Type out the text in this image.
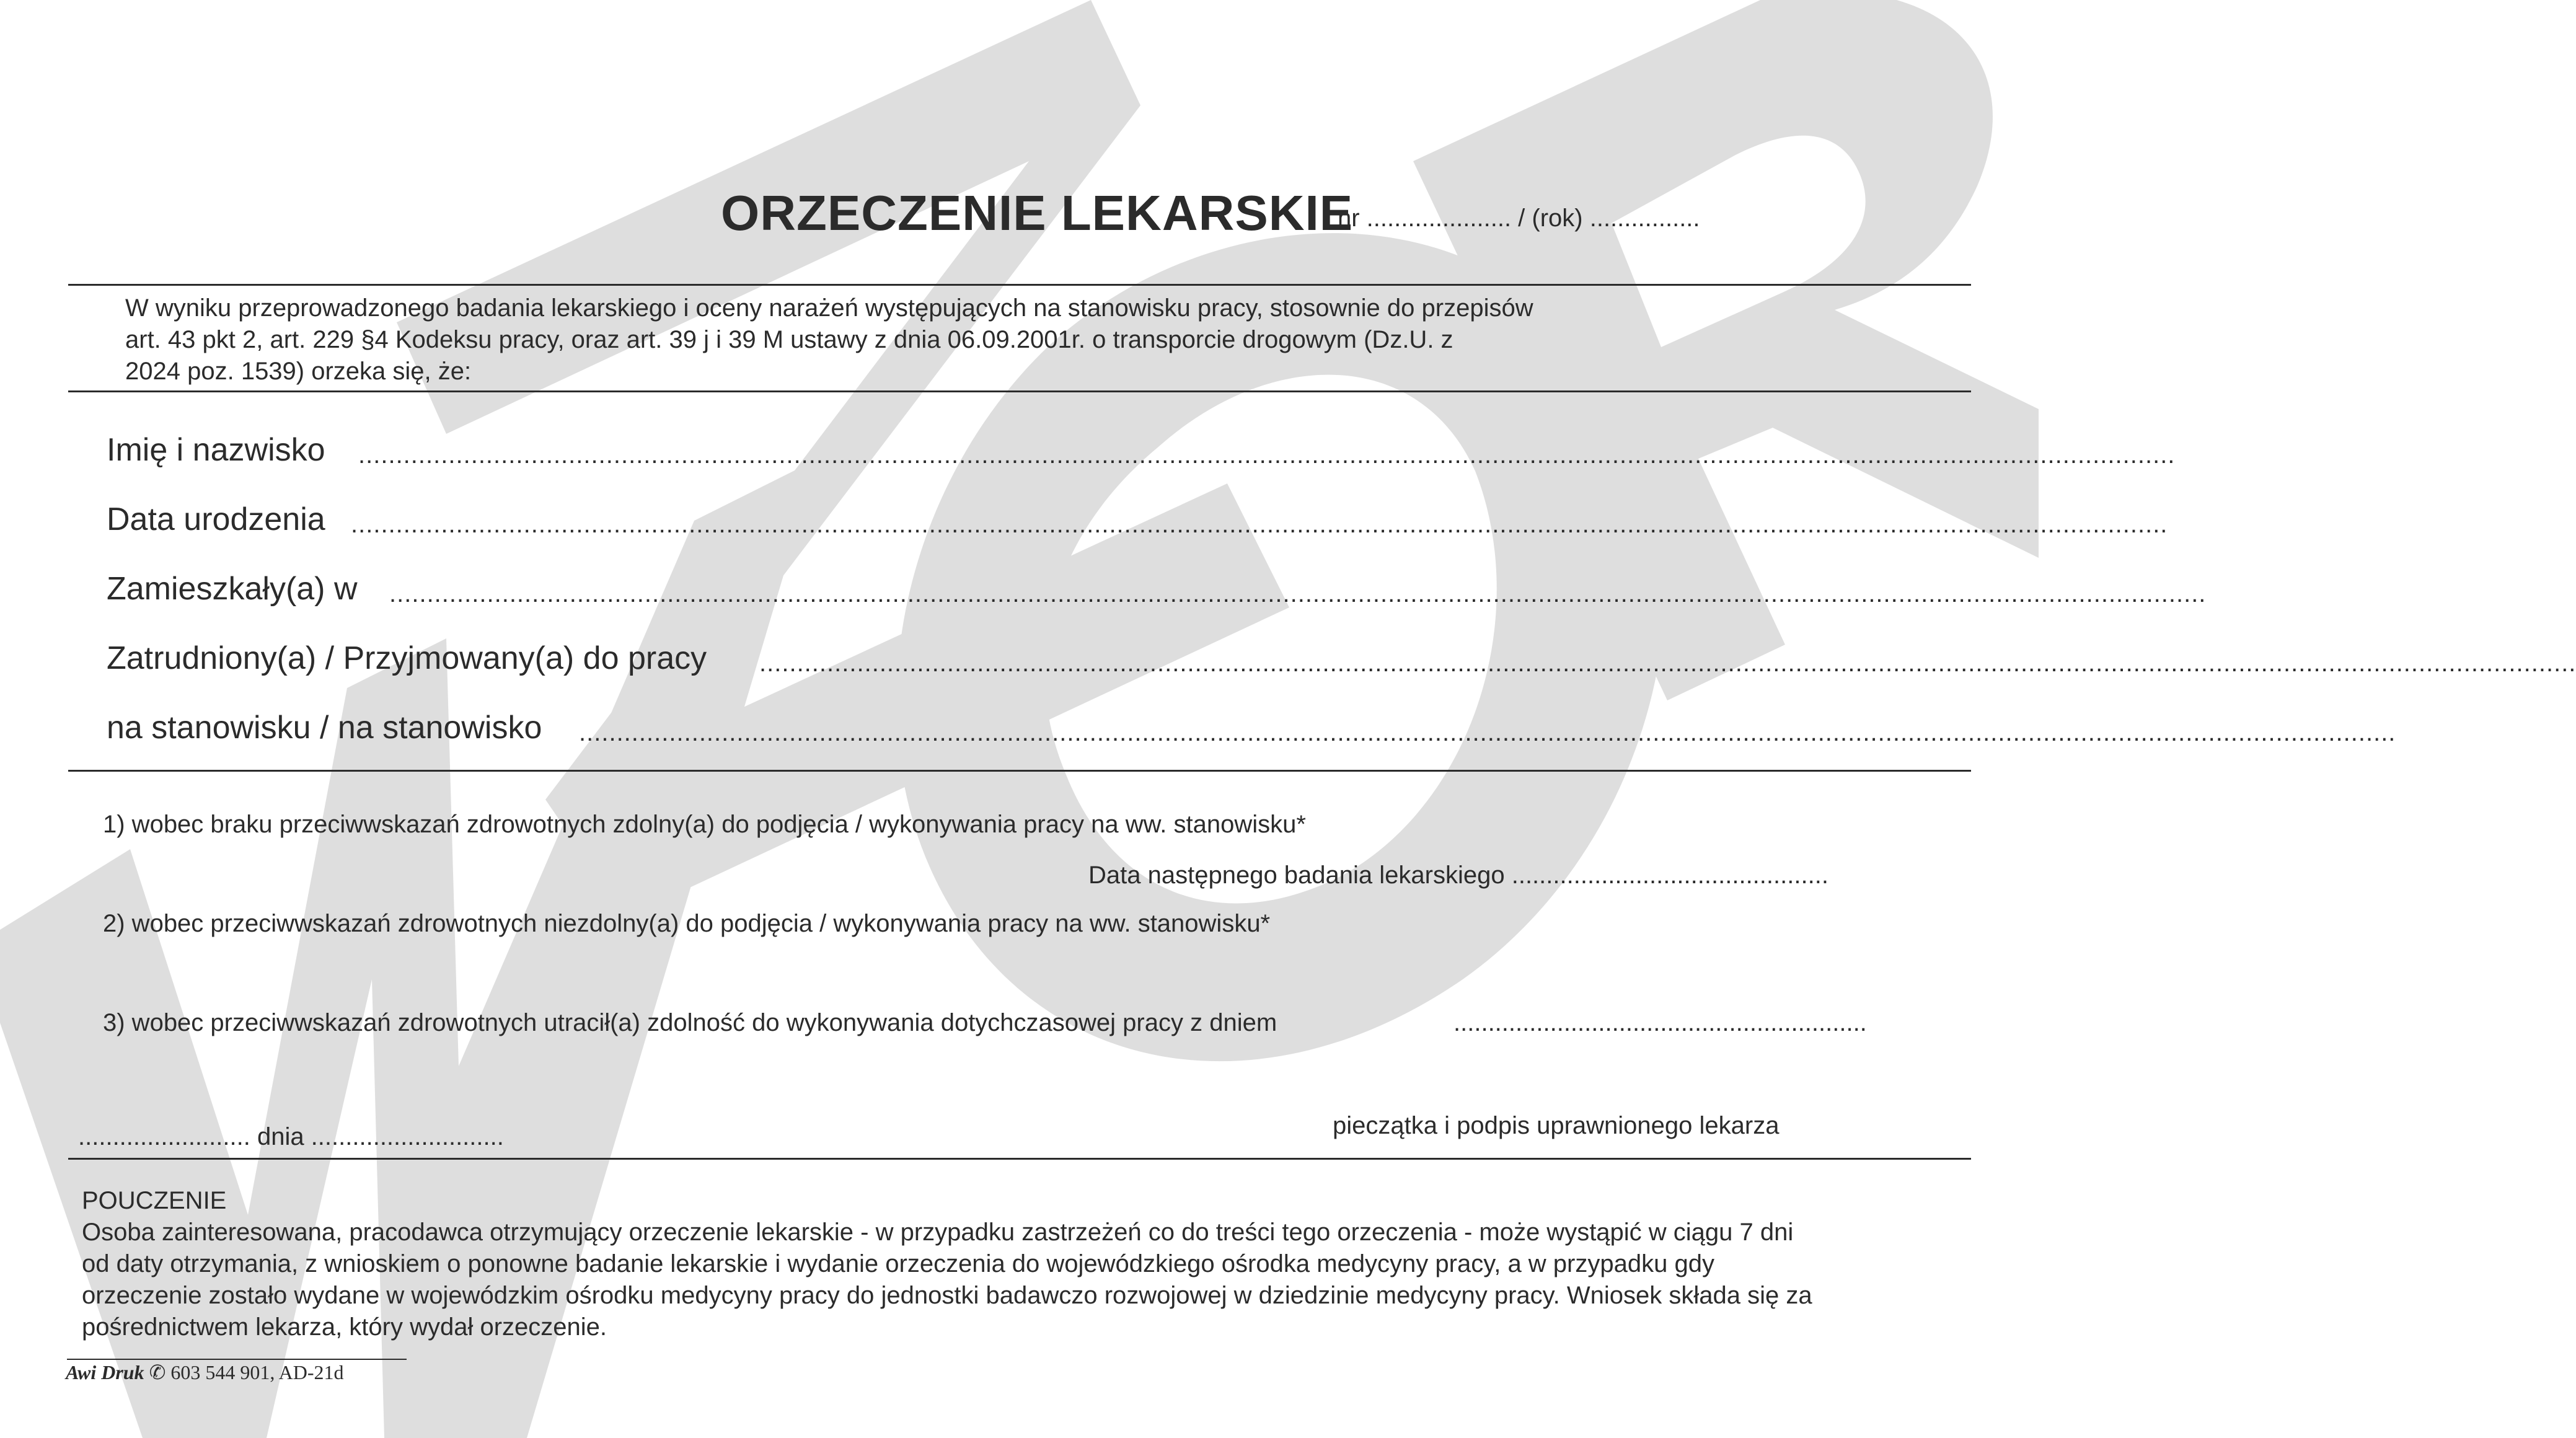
ORZECZENIE LEKARSKIE
nr ..................... / (rok) ................
W wyniku przeprowadzonego badania lekarskiego i oceny narażeń występujących na stanowisku pracy, stosownie do przepisów
art. 43 pkt 2, art. 229 §4 Kodeksu pracy, oraz art. 39 j i 39 M ustawy z dnia 06.09.2001r. o transporcie drogowym (Dz.U. z
2024 poz. 1539) orzeka się, że:
Imię i nazwisko ..................................................................................................................................................................................................................................................
Data urodzenia ..................................................................................................................................................................................................................................................
Zamieszkały(a) w ..................................................................................................................................................................................................................................................
Zatrudniony(a) / Przyjmowany(a) do pracy ..................................................................................................................................................................................................................................................
na stanowisku / na stanowisko ..................................................................................................................................................................................................................................................
1) wobec braku przeciwwskazań zdrowotnych zdolny(a) do podjęcia / wykonywania pracy na ww. stanowisku*
Data następnego badania lekarskiego ..............................................
2) wobec przeciwwskazań zdrowotnych niezdolny(a) do podjęcia / wykonywania pracy na ww. stanowisku*
3) wobec przeciwwskazań zdrowotnych utracił(a) zdolność do wykonywania dotychczasowej pracy z dniem	............................................................
......................... dnia ............................	pieczątka i podpis uprawnionego lekarza
POUCZENIE
Osoba zainteresowana, pracodawca otrzymujący orzeczenie lekarskie - w przypadku zastrzeżeń co do treści tego orzeczenia - może wystąpić w ciągu 7 dni
od daty otrzymania, z wnioskiem o ponowne badanie lekarskie i wydanie orzeczenia do wojewódzkiego ośrodka medycyny pracy, a w przypadku gdy
orzeczenie zostało wydane w wojewódzkim ośrodku medycyny pracy do jednostki badawczo rozwojowej w dziedzinie medycyny pracy. Wniosek składa się za
pośrednictwem lekarza, który wydał orzeczenie.
Awi Druk ✆ 603 544 901, AD-21d
